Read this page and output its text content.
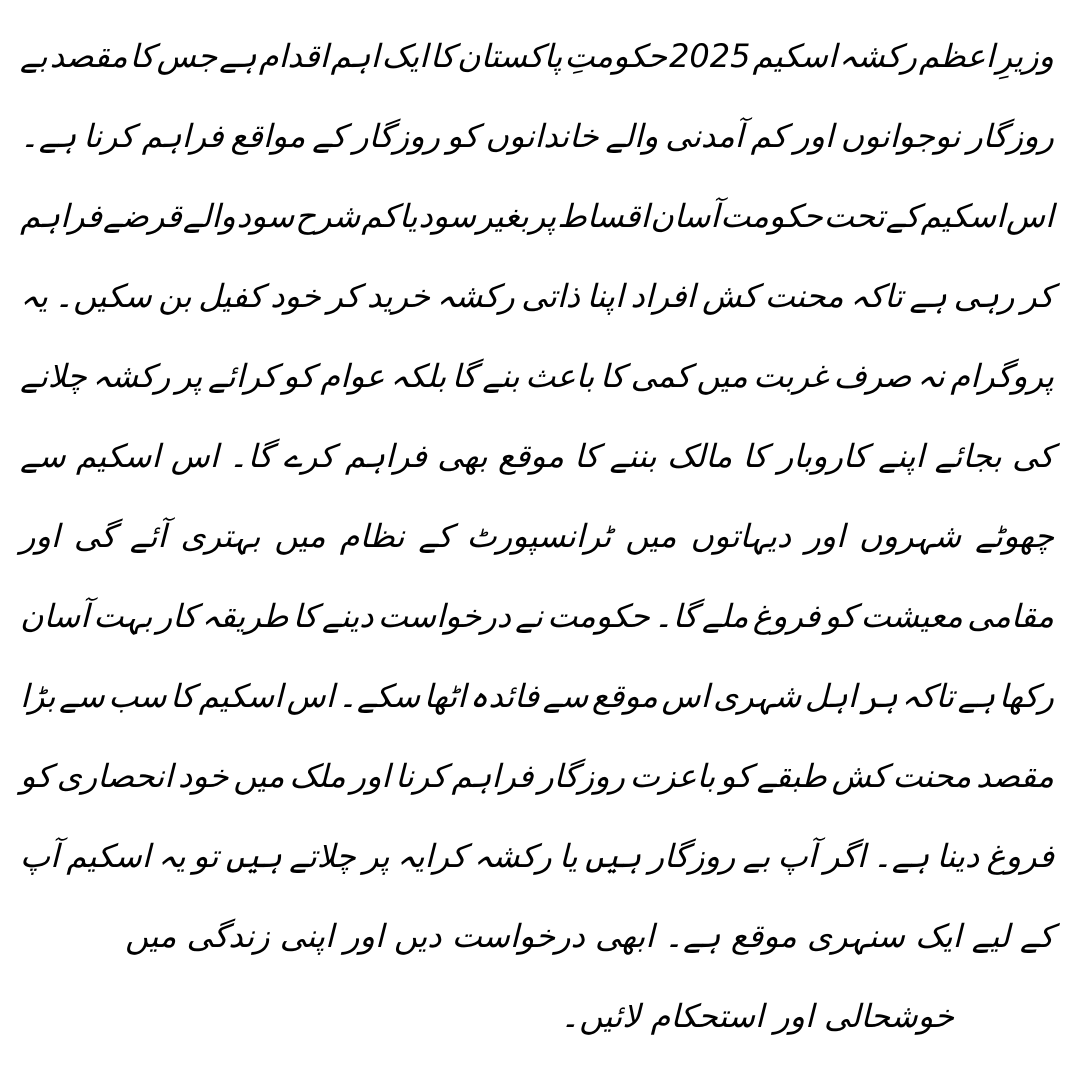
وزیرِ
اعظم
رکشہ
اسکیم
2025
حکومتِ
پاکستان
کا
ایک
اہم
اقدام
ہے
جس
کا
مقصد
بے
روزگار
نوجوانوں
اور
کم
آمدنی
والے
خاندانوں
کو
روزگار
کے
مواقع
فراہم
کرنا
ہے۔
اس
اسکیم
کے
تحت
حکومت
آسان
اقساط
پر
بغیر
سود
یا
کم
شرح
سود
والے
قرضے
فراہم
کر
رہی
ہے
تاکہ
محنت
کش
افراد
اپنا
ذاتی
رکشہ
خرید
کر
خود
کفیل
بن
سکیں۔
یہ
پروگرام
نہ
صرف
غربت
میں
کمی
کا
باعث
بنے
گا
بلکہ
عوام
کو
کرائے
پر
رکشہ
چلانے
کی
بجائے
اپنے
کاروبار
کا
مالک
بننے
کا
موقع
بھی
فراہم
کرے
گا۔
اس
اسکیم
سے
چھوٹے
شہروں
اور
دیہاتوں
میں
ٹرانسپورٹ
کے
نظام
میں
بہتری
آئے
گی
اور
مقامی
معیشت
کو
فروغ
ملے
گا۔
حکومت
نے
درخواست
دینے
کا
طریقہ
کار
بہت
آسان
رکھا
ہے
تاکہ
ہر
اہل
شہری
اس
موقع
سے
فائدہ
اٹھا
سکے۔
اس
اسکیم
کا
سب
سے
بڑا
مقصد
محنت
کش
طبقے
کو
باعزت
روزگار
فراہم
کرنا
اور
ملک
میں
خود
انحصاری
کو
فروغ
دینا
ہے۔
اگر
آپ
بے
روزگار
ہیں
یا
رکشہ
کرایہ
پر
چلاتے
ہیں
تو
یہ
اسکیم
آپ
کے لیے ایک سنہری موقع ہے۔ ابھی درخواست دیں اور اپنی زندگی میں
خوشحالی اور استحکام لائیں۔
